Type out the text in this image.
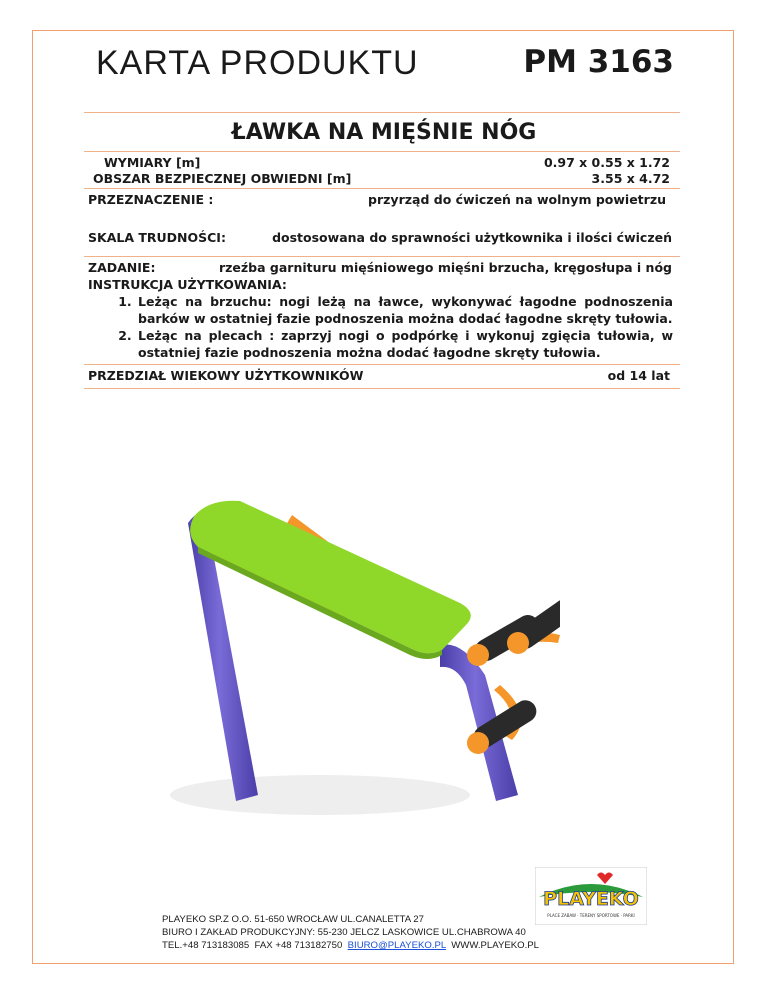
KARTA PRODUKTU	PM 3163
ŁAWKA NA MIĘŚNIE NÓG
WYMIARY [m]	0.97 x 0.55 x 1.72
OBSZAR BEZPIECZNEJ OBWIEDNI [m]	3.55 x 4.72
PRZEZNACZENIE :	przyrząd do ćwiczeń na wolnym powietrzu
SKALA TRUDNOŚCI:	dostosowana do sprawności użytkownika i ilości ćwiczeń
ZADANIE:	rzeźba garnituru mięśniowego mięśni brzucha, kręgosłupa i nóg
INSTRUKCJA UŻYTKOWANIA:
1. Leżąc na brzuchu: nogi leżą na ławce, wykonywać łagodne podnoszenia barków w ostatniej fazie podnoszenia można dodać łagodne skręty tułowia.
2. Leżąc na plecach : zaprzyj nogi o podpórkę i wykonuj zgięcia tułowia, w ostatniej fazie podnoszenia można dodać łagodne skręty tułowia.
PRZEDZIAŁ WIEKOWY UŻYTKOWNIKÓW	od 14 lat
PLAYEKO
PLACE ZABAW · TERENY SPORTOWE · PARKI
PLAYEKO SP.Z O.O. 51-650 WROCŁAW UL.CANALETTA 27
BIURO I ZAKŁAD PRODUKCYJNY: 55-230 JELCZ LASKOWICE UL.CHABROWA 40
TEL.+48 713183085  FAX +48 713182750  BIURO@PLAYEKO.PL  WWW.PLAYEKO.PL
